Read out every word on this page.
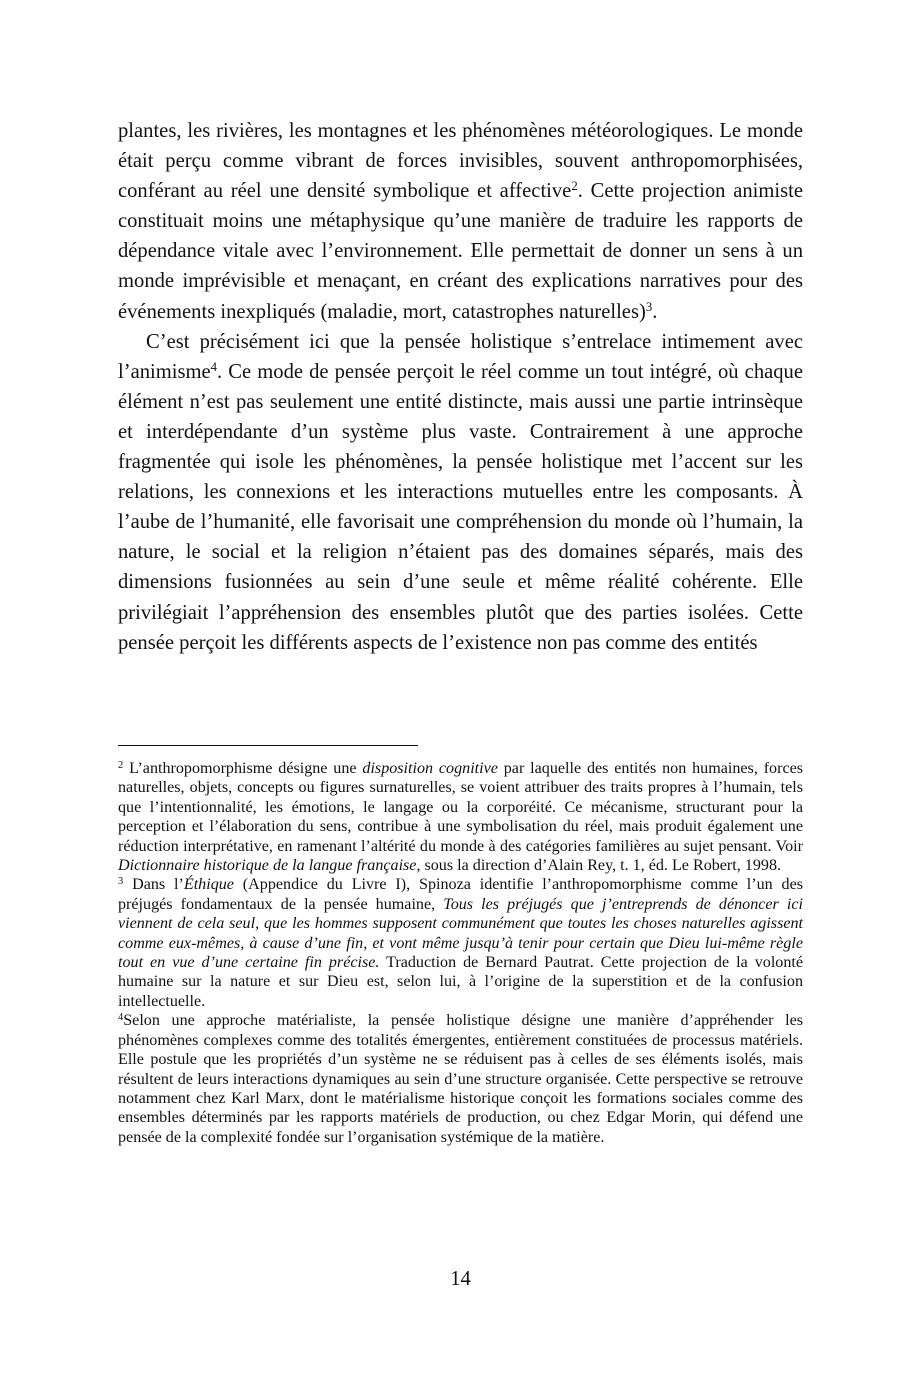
plantes, les rivières, les montagnes et les phénomènes météorologiques. Le monde était perçu comme vibrant de forces invisibles, souvent anthropomorphisées, conférant au réel une densité symbolique et affective$^2$. Cette projection animiste constituait moins une métaphysique qu’une manière de traduire les rapports de dépendance vitale avec l’environnement. Elle permettait de donner un sens à un monde imprévisible et menaçant, en créant des explications narratives pour des événements inexpliqués (maladie, mort, catastrophes naturelles)$^3$.

C’est précisément ici que la pensée holistique s’entrelace intimement avec l’animisme$^4$. Ce mode de pensée perçoit le réel comme un tout intégré, où chaque élément n’est pas seulement une entité distincte, mais aussi une partie intrinsèque et interdépendante d’un système plus vaste. Contrairement à une approche fragmentée qui isole les phénomènes, la pensée holistique met l’accent sur les relations, les connexions et les interactions mutuelles entre les composants. À l’aube de l’humanité, elle favorisait une compréhension du monde où l’humain, la nature, le social et la religion n’étaient pas des domaines séparés, mais des dimensions fusionnées au sein d’une seule et même réalité cohérente. Elle privilégiait l’appréhension des ensembles plutôt que des parties isolées. Cette pensée perçoit les différents aspects de l’existence non pas comme des entités

$^2$ L’anthropomorphisme désigne une disposition cognitive par laquelle des entités non humaines, forces naturelles, objets, concepts ou figures surnaturelles, se voient attribuer des traits propres à l’humain, tels que l’intentionnalité, les émotions, le langage ou la corporéité. Ce mécanisme, structurant pour la perception et l’élaboration du sens, contribue à une symbolisation du réel, mais produit également une réduction interprétative, en ramenant l’altérité du monde à des catégories familières au sujet pensant. Voir Dictionnaire historique de la langue française, sous la direction d’Alain Rey, t. 1, éd. Le Robert, 1998.

$^3$ Dans l’Éthique (Appendice du Livre I), Spinoza identifie l’anthropomorphisme comme l’un des préjugés fondamentaux de la pensée humaine, Tous les préjugés que j’entreprends de dénoncer ici viennent de cela seul, que les hommes supposent communément que toutes les choses naturelles agissent comme eux-mêmes, à cause d’une fin, et vont même jusqu’à tenir pour certain que Dieu lui-même règle tout en vue d’une certaine fin précise. Traduction de Bernard Pautrat. Cette projection de la volonté humaine sur la nature et sur Dieu est, selon lui, à l’origine de la superstition et de la confusion intellectuelle.

$^4$Selon une approche matérialiste, la pensée holistique désigne une manière d’appréhender les phénomènes complexes comme des totalités émergentes, entièrement constituées de processus matériels. Elle postule que les propriétés d’un système ne se réduisent pas à celles de ses éléments isolés, mais résultent de leurs interactions dynamiques au sein d’une structure organisée. Cette perspective se retrouve notamment chez Karl Marx, dont le matérialisme historique conçoit les formations sociales comme des ensembles déterminés par les rapports matériels de production, ou chez Edgar Morin, qui défend une pensée de la complexité fondée sur l’organisation systémique de la matière.

14
